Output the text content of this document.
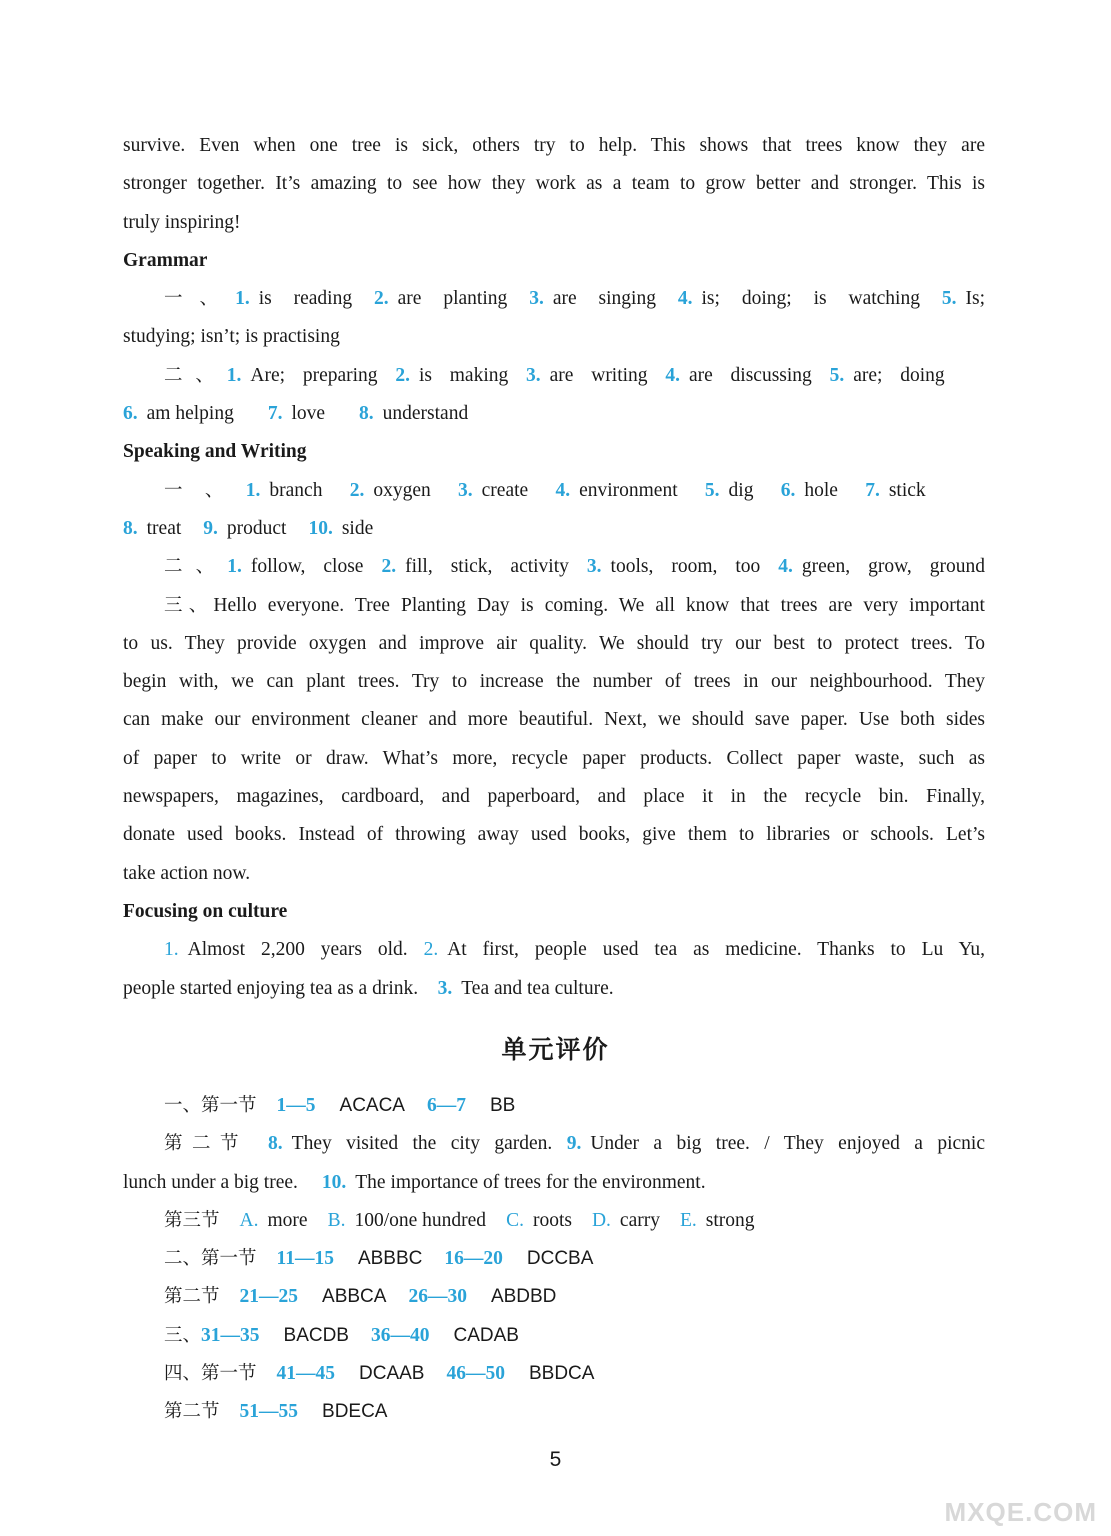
survive. Even when one tree is sick, others try to help. This shows that trees know they are
stronger together. It’s amazing to see how they work as a team to grow better and stronger. This is
truly inspiring!
Grammar
一、1. is reading 2. are planting 3. are singing 4. is; doing; is watching 5. Is;
studying; isn’t; is practising
二、1. Are; preparing 2. is making 3. are writing 4. are discussing 5. are; doing
6. am helping 7. love 8. understand
Speaking and Writing
一、1. branch 2. oxygen 3. create 4. environment 5. dig 6. hole 7. stick
8. treat 9. product 10. side
二、1. follow, close 2. fill, stick, activity 3. tools, room, too 4. green, grow, ground
三、Hello everyone. Tree Planting Day is coming. We all know that trees are very important
to us. They provide oxygen and improve air quality. We should try our best to protect trees. To
begin with, we can plant trees. Try to increase the number of trees in our neighbourhood. They
can make our environment cleaner and more beautiful. Next, we should save paper. Use both sides
of paper to write or draw. What’s more, recycle paper products. Collect paper waste, such as
newspapers, magazines, cardboard, and paperboard, and place it in the recycle bin. Finally,
donate used books. Instead of throwing away used books, give them to libraries or schools. Let’s
take action now.
Focusing on culture
1. Almost 2,200 years old. 2. At first, people used tea as medicine. Thanks to Lu Yu,
people started enjoying tea as a drink. 3. Tea and tea culture.
单元评价
一、第一节 1—5 ACACA 6—7 BB
第二节 8. They visited the city garden. 9. Under a big tree. / They enjoyed a picnic
lunch under a big tree. 10. The importance of trees for the environment.
第三节 A. more B. 100/one hundred C. roots D. carry E. strong
二、第一节 11—15 ABBBC 16—20 DCCBA
第二节 21—25 ABBCA 26—30 ABDBD
三、31—35 BACDB 36—40 CADAB
四、第一节 41—45 DCAAB 46—50 BBDCA
第二节 51—55 BDECA
5
MXQE.COM
